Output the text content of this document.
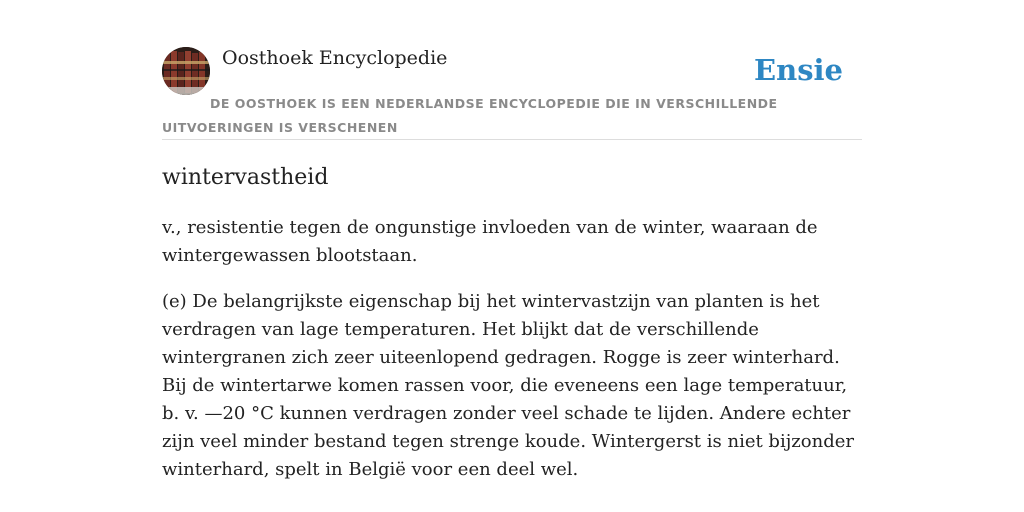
Oosthoek Encyclopedie	Ensie
DE OOSTHOEK IS EEN NEDERLANDSE ENCYCLOPEDIE DIE IN VERSCHILLENDE UITVOERINGEN IS VERSCHENEN
wintervastheid

v., resistentie tegen de ongunstige invloeden van de winter, waaraan de wintergewassen blootstaan.

(e) De belangrijkste eigenschap bij het wintervastzijn van planten is het verdragen van lage temperaturen. Het blijkt dat de verschillende wintergranen zich zeer uiteenlopend gedragen. Rogge is zeer winterhard. Bij de wintertarwe komen rassen voor, die eveneens een lage temperatuur, b. v. —20 °C kunnen verdragen zonder veel schade te lijden. Andere echter zijn veel minder bestand tegen strenge koude. Wintergerst is niet bijzonder winterhard, spelt in België voor een deel wel.
